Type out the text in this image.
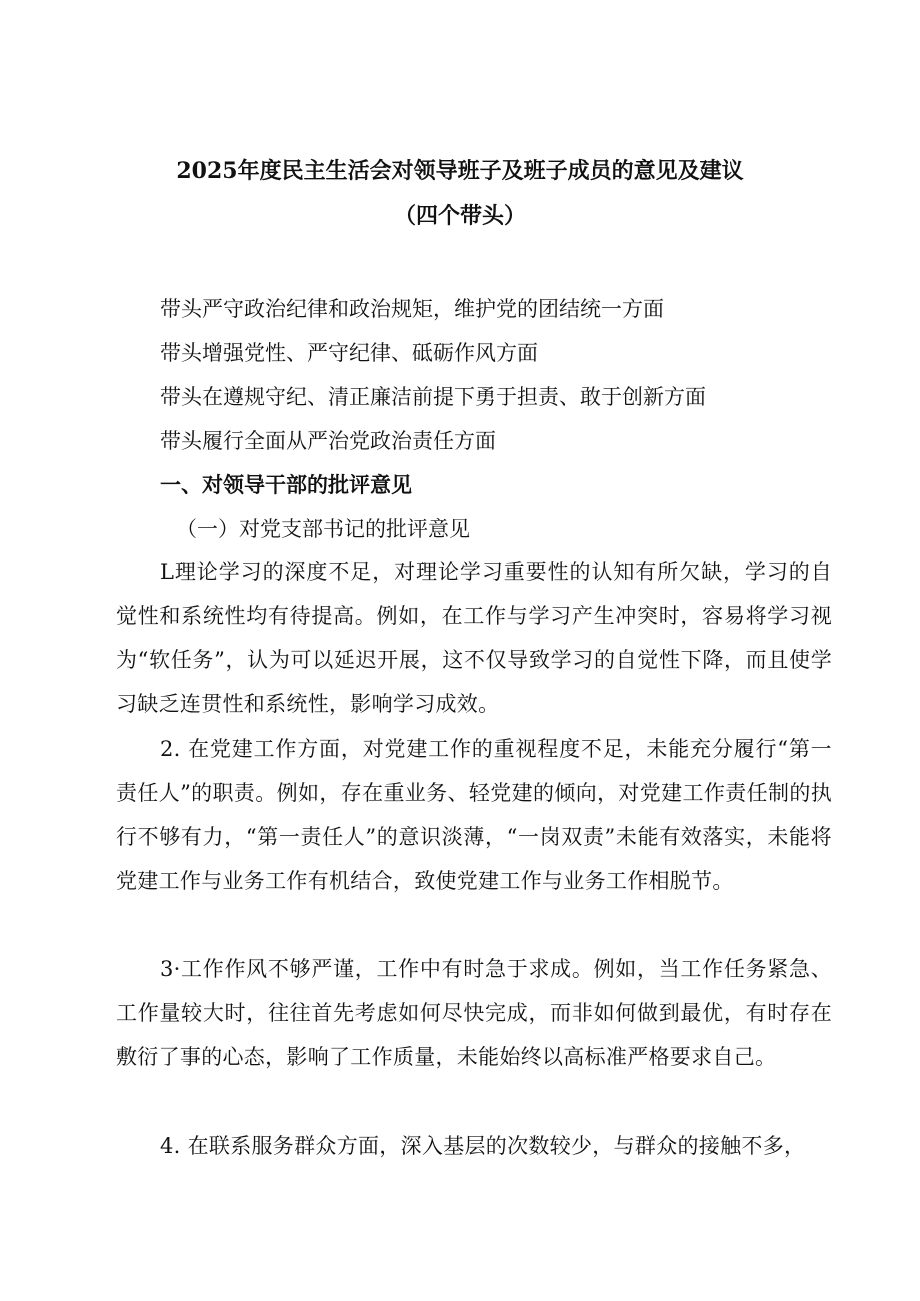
2025年度民主生活会对领导班子及班子成员的意见及建议
（四个带头）
带头严守政治纪律和政治规矩，维护党的团结统一方面
带头增强党性、严守纪律、砥砺作风方面
带头在遵规守纪、清正廉洁前提下勇于担责、敢于创新方面
带头履行全面从严治党政治责任方面
一、对领导干部的批评意见
（一）对党支部书记的批评意见
L理论学习的深度不足，对理论学习重要性的认知有所欠缺，学习的自觉性和系统性均有待提高。例如，在工作与学习产生冲突时，容易将学习视为“软任务”，认为可以延迟开展，这不仅导致学习的自觉性下降，而且使学习缺乏连贯性和系统性，影响学习成效。
2. 在党建工作方面，对党建工作的重视程度不足，未能充分履行“第一责任人”的职责。例如，存在重业务、轻党建的倾向，对党建工作责任制的执行不够有力，“第一责任人”的意识淡薄，“一岗双责”未能有效落实，未能将党建工作与业务工作有机结合，致使党建工作与业务工作相脱节。
3·工作作风不够严谨，工作中有时急于求成。例如，当工作任务紧急、工作量较大时，往往首先考虑如何尽快完成，而非如何做到最优，有时存在敷衍了事的心态，影响了工作质量，未能始终以高标准严格要求自己。
4. 在联系服务群众方面，深入基层的次数较少，与群众的接触不多，
